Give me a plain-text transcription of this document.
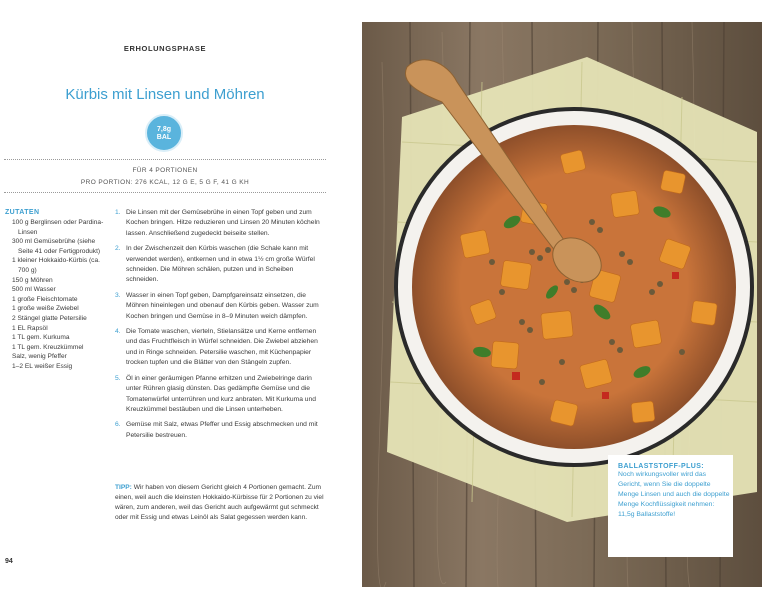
ERHOLUNGSPHASE
Kürbis mit Linsen und Möhren
7,8g
BAL
FÜR 4 PORTIONEN
PRO PORTION: 276 KCAL, 12 G E, 5 G F, 41 G KH
ZUTATEN
100 g Berglinsen oder Pardina-Linsen
300 ml Gemüsebrühe (siehe Seite 41 oder Fertigprodukt)
1 kleiner Hokkaido-Kürbis (ca. 700 g)
150 g Möhren
500 ml Wasser
1 große Fleischtomate
1 große weiße Zwiebel
2 Stängel glatte Petersilie
1 EL Rapsöl
1 TL gem. Kurkuma
1 TL gem. Kreuzkümmel
Salz, wenig Pfeffer
1–2 EL weißer Essig
1. Die Linsen mit der Gemüsebrühe in einen Topf geben und zum Kochen bringen. Hitze reduzieren und Linsen 20 Minuten köcheln lassen. Anschließend zugedeckt beiseite stellen.
2. In der Zwischenzeit den Kürbis waschen (die Schale kann mit verwendet werden), entkernen und in etwa 1½ cm große Würfel schneiden. Die Möhren schälen, putzen und in Scheiben schneiden.
3. Wasser in einen Topf geben, Dampfgareinsatz einsetzen, die Möhren hineinlegen und obenauf den Kürbis geben. Wasser zum Kochen bringen und Gemüse in 8–9 Minuten weich dämpfen.
4. Die Tomate waschen, vierteln, Stielansätze und Kerne entfernen und das Fruchtfleisch in Würfel schneiden. Die Zwiebel abziehen und in Ringe schneiden. Petersilie waschen, mit Küchenpapier trocken tupfen und die Blätter von den Stängeln zupfen.
5. Öl in einer geräumigen Pfanne erhitzen und Zwiebelringe darin unter Rühren glasig dünsten. Das gedämpfte Gemüse und die Tomatenwürfel unterrühren und kurz anbraten. Mit Kurkuma und Kreuzkümmel bestäuben und die Linsen unterheben.
6. Gemüse mit Salz, etwas Pfeffer und Essig abschmecken und mit Petersilie bestreuen.
TIPP: Wir haben von diesem Gericht gleich 4 Portionen gemacht. Zum einen, weil auch die kleinsten Hokkaido-Kürbisse für 2 Portionen zu viel wären, zum anderen, weil das Gericht auch aufgewärmt gut schmeckt oder mit Essig und etwas Leinöl als Salat gegessen werden kann.
94
BALLASTSTOFF-PLUS:
Noch wirkungsvoller wird das Gericht, wenn Sie die doppelte Menge Linsen und auch die doppelte Menge Kochflüssigkeit nehmen: 11,5g Ballaststoffe!
